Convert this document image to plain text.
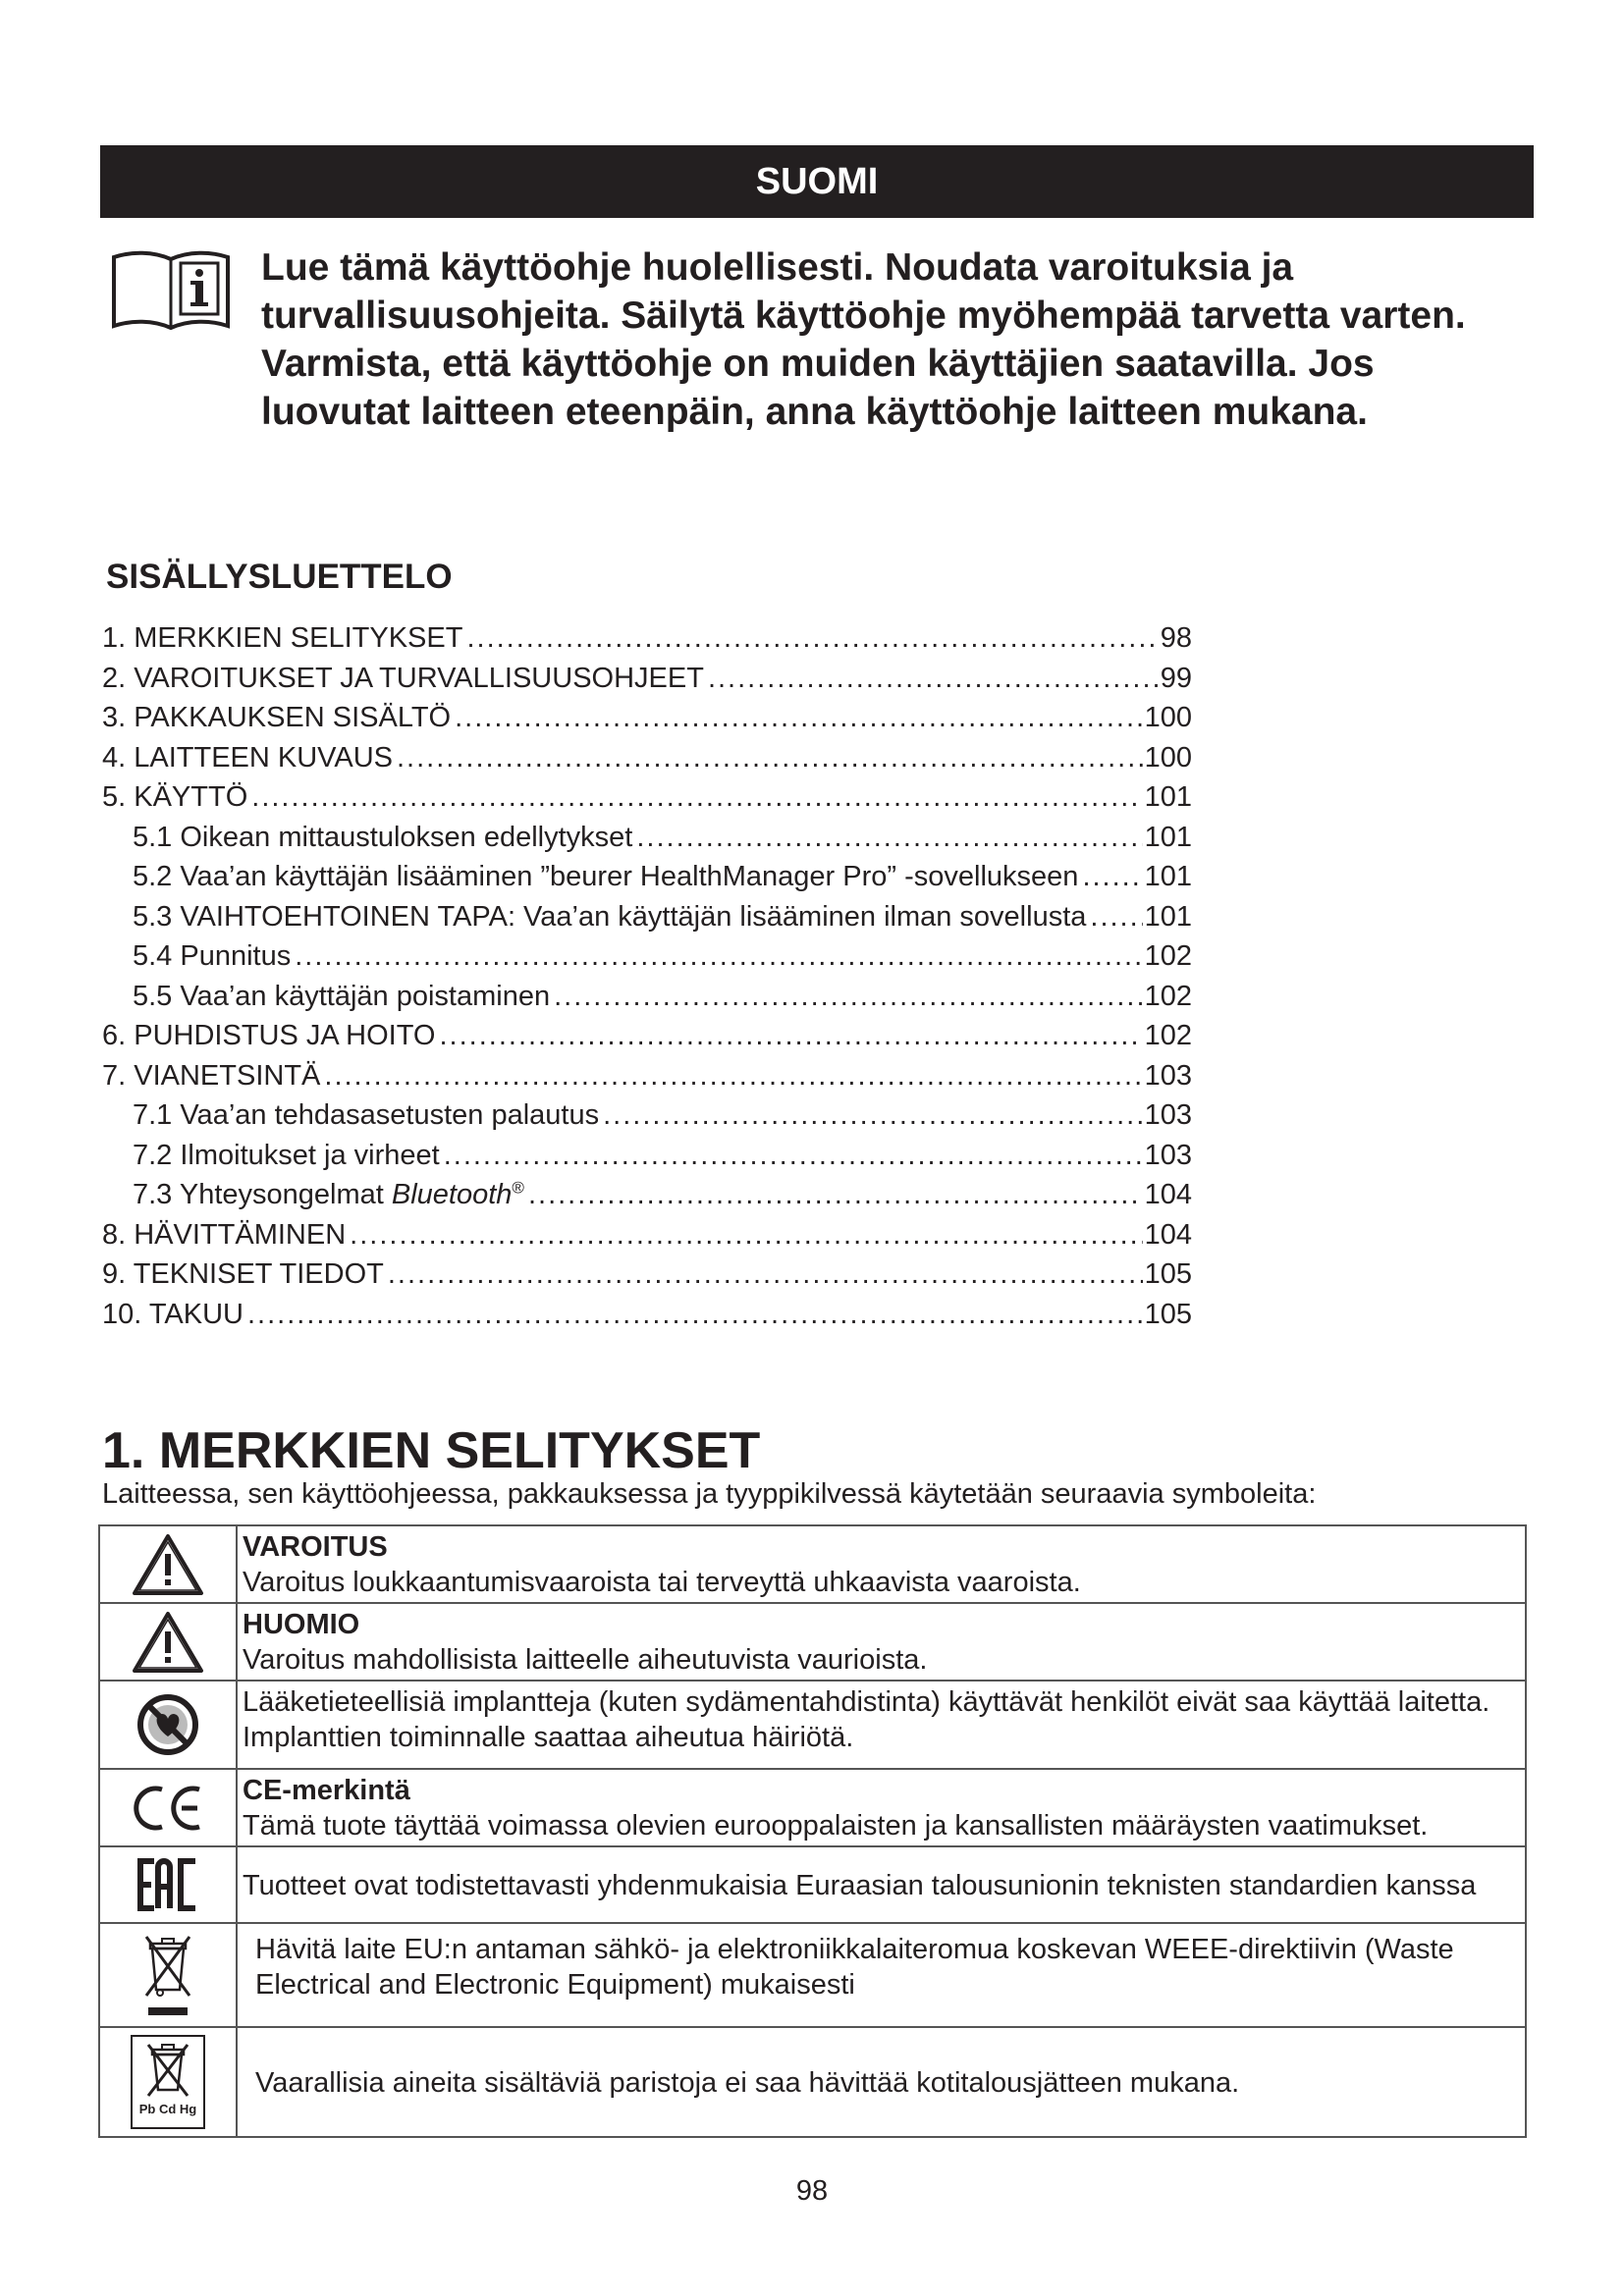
SUOMI

Lue tämä käyttöohje huolellisesti. Noudata varoituksia ja

turvallisuusohjeita. Säilytä käyttöohje myöhempää tarvetta varten.

Varmista, että käyttöohje on muiden käyttäjien saatavilla. Jos

luovutat laitteen eteenpäin, anna käyttöohje laitteen mukana.

SISÄLLYSLUETTELO
1. MERKKIEN SELITYKSET .....	98
2. VAROITUKSET JA TURVALLISUUSOHJEET .....	99
3. PAKKAUKSEN SISÄLTÖ .....	100
4. LAITTEEN KUVAUS .....	100
5. KÄYTTÖ .....	101
5.1 Oikean mittaustuloksen edellytykset .....	101
5.2 Vaa’an käyttäjän lisääminen ”beurer HealthManager Pro” -sovellukseen ..... 101
5.3 VAIHTOEHTOINEN TAPA: Vaa’an käyttäjän lisääminen ilman sovellusta ..... 101
5.4 Punnitus .....	102
5.5 Vaa’an käyttäjän poistaminen .....	102
6. PUHDISTUS JA HOITO .....	102
7. VIANETSINTÄ .....	103
7.1 Vaa’an tehdasasetusten palautus .....	103
7.2 Ilmoitukset ja virheet .....	103
7.3 Yhteysongelmat Bluetooth® .....	104
8. HÄVITTÄMINEN .....	104
9. TEKNISET TIEDOT .....	105
10. TAKUU .....	105
1. MERKKIEN SELITYKSET
Laitteessa, sen käyttöohjeessa, pakkauksessa ja tyyppikilvessä käytetään seuraavia symboleita:

VAROITUS
Varoitus loukkaantumisvaaroista tai terveyttä uhkaavista vaaroista.

HUOMIO
Varoitus mahdollisista laitteelle aiheutuvista vaurioista.

Lääketieteellisiä implantteja (kuten sydämentahdistinta) käyttävät henkilöt eivät saa käyttää laitetta. Implanttien toiminnalle saattaa aiheutua häiriötä.

CE-merkintä
Tämä tuote täyttää voimassa olevien eurooppalaisten ja kansallisten määräysten vaatimukset.

Tuotteet ovat todistettavasti yhdenmukaisia Euraasian talousunionin teknisten standardien kanssa

Hävitä laite EU:n antaman sähkö- ja elektroniikkalaiteromua koskevan WEEE-direktiivin (Waste Electrical and Electronic Equipment) mukaisesti

Pb Cd Hg	Vaarallisia aineita sisältäviä paristoja ei saa hävittää kotitalousjätteen mukana.
98
